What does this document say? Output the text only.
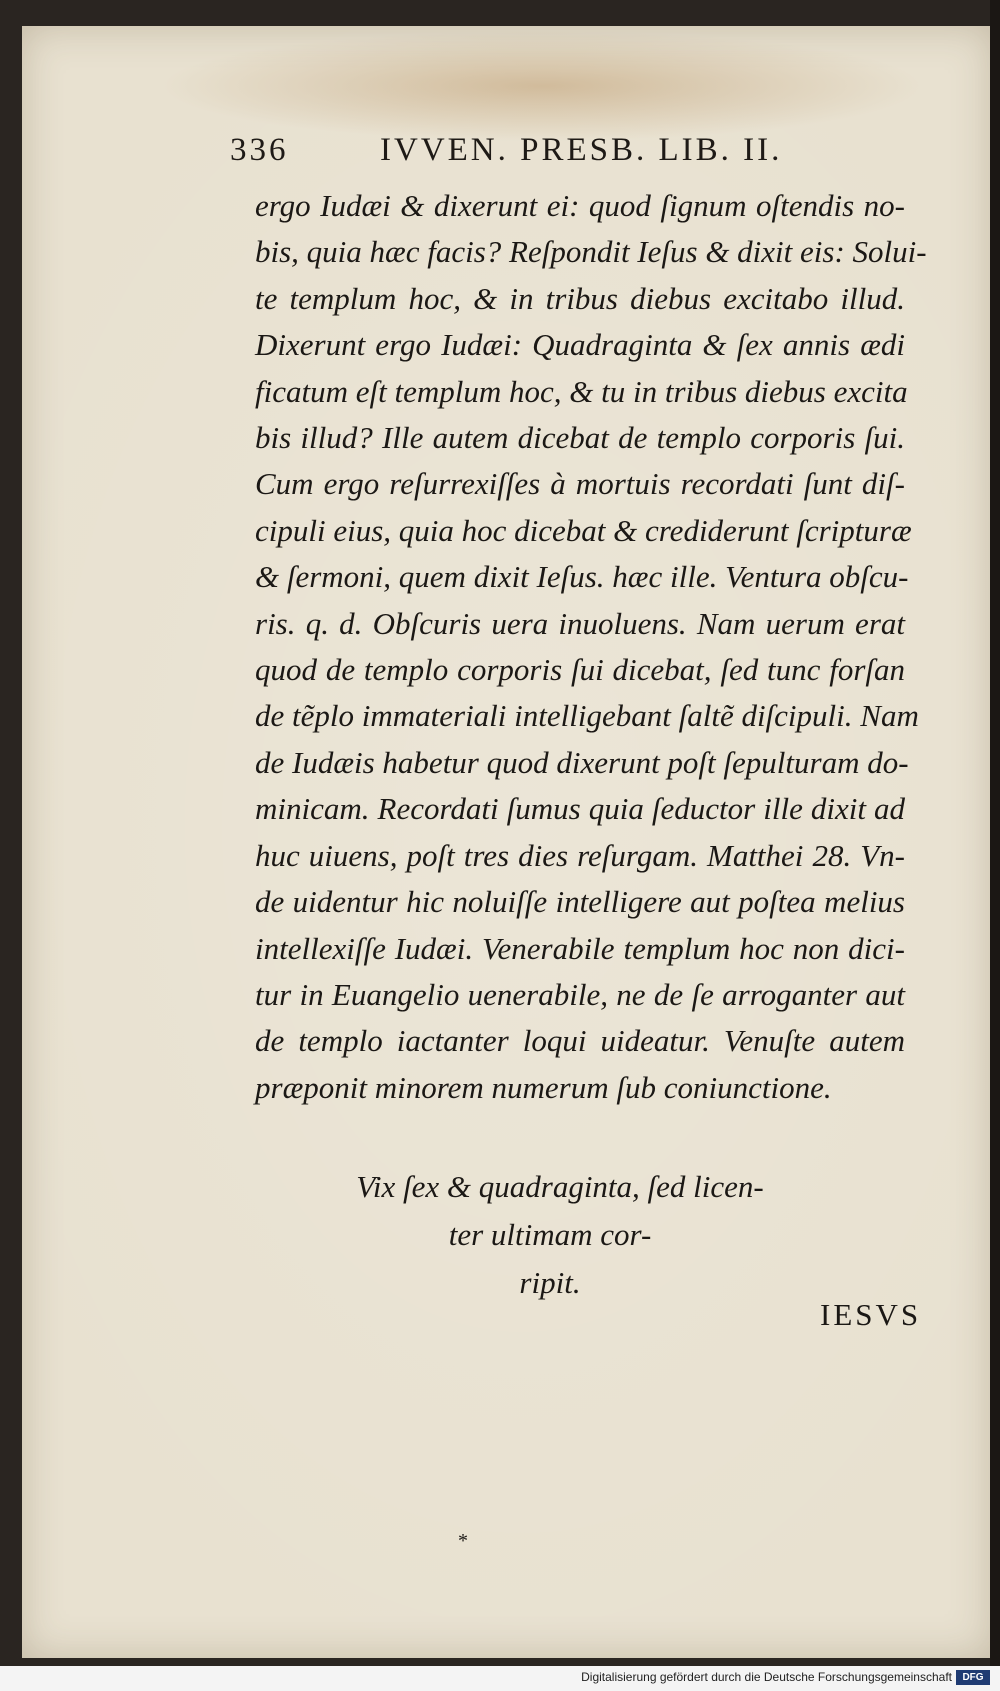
336	IVVEN. PRESB. LIB. II.
ergo Iudæi & dixerunt ei: quod ſignum oſtendis no-
bis, quia hæc facis? Reſpondit Ieſus & dixit eis: Solui-
te templum hoc, & in tribus diebus excitabo illud.
Dixerunt ergo Iudæi: Quadraginta & ſex annis ædi
ficatum eſt templum hoc, & tu in tribus diebus excita
bis illud? Ille autem dicebat de templo corporis ſui.
Cum ergo reſurrexiſſes à mortuis recordati ſunt diſ-
cipuli eius, quia hoc dicebat & crediderunt ſcripturæ
& ſermoni, quem dixit Ieſus. hæc ille. Ventura obſcu-
ris. q. d. Obſcuris uera inuoluens. Nam uerum erat
quod de templo corporis ſui dicebat, ſed tunc forſan
de tẽplo immateriali intelligebant ſaltẽ diſcipuli. Nam
de Iudæis habetur quod dixerunt poſt ſepulturam do-
minicam. Recordati ſumus quia ſeductor ille dixit ad
huc uiuens, poſt tres dies reſurgam. Matthei 28. Vn-
de uidentur hic noluiſſe intelligere aut poſtea melius
intellexiſſe Iudæi. Venerabile templum hoc non dici-
tur in Euangelio uenerabile, ne de ſe arroganter aut
de templo iactanter loqui uideatur. Venuſte autem
præponit minorem numerum ſub coniunctione.
Vix ſex & quadraginta, ſed licen-
ter ultimam cor-
ripit.
IESVS
*
Digitalisierung gefördert durch die Deutsche Forschungsgemeinschaft	DFG
